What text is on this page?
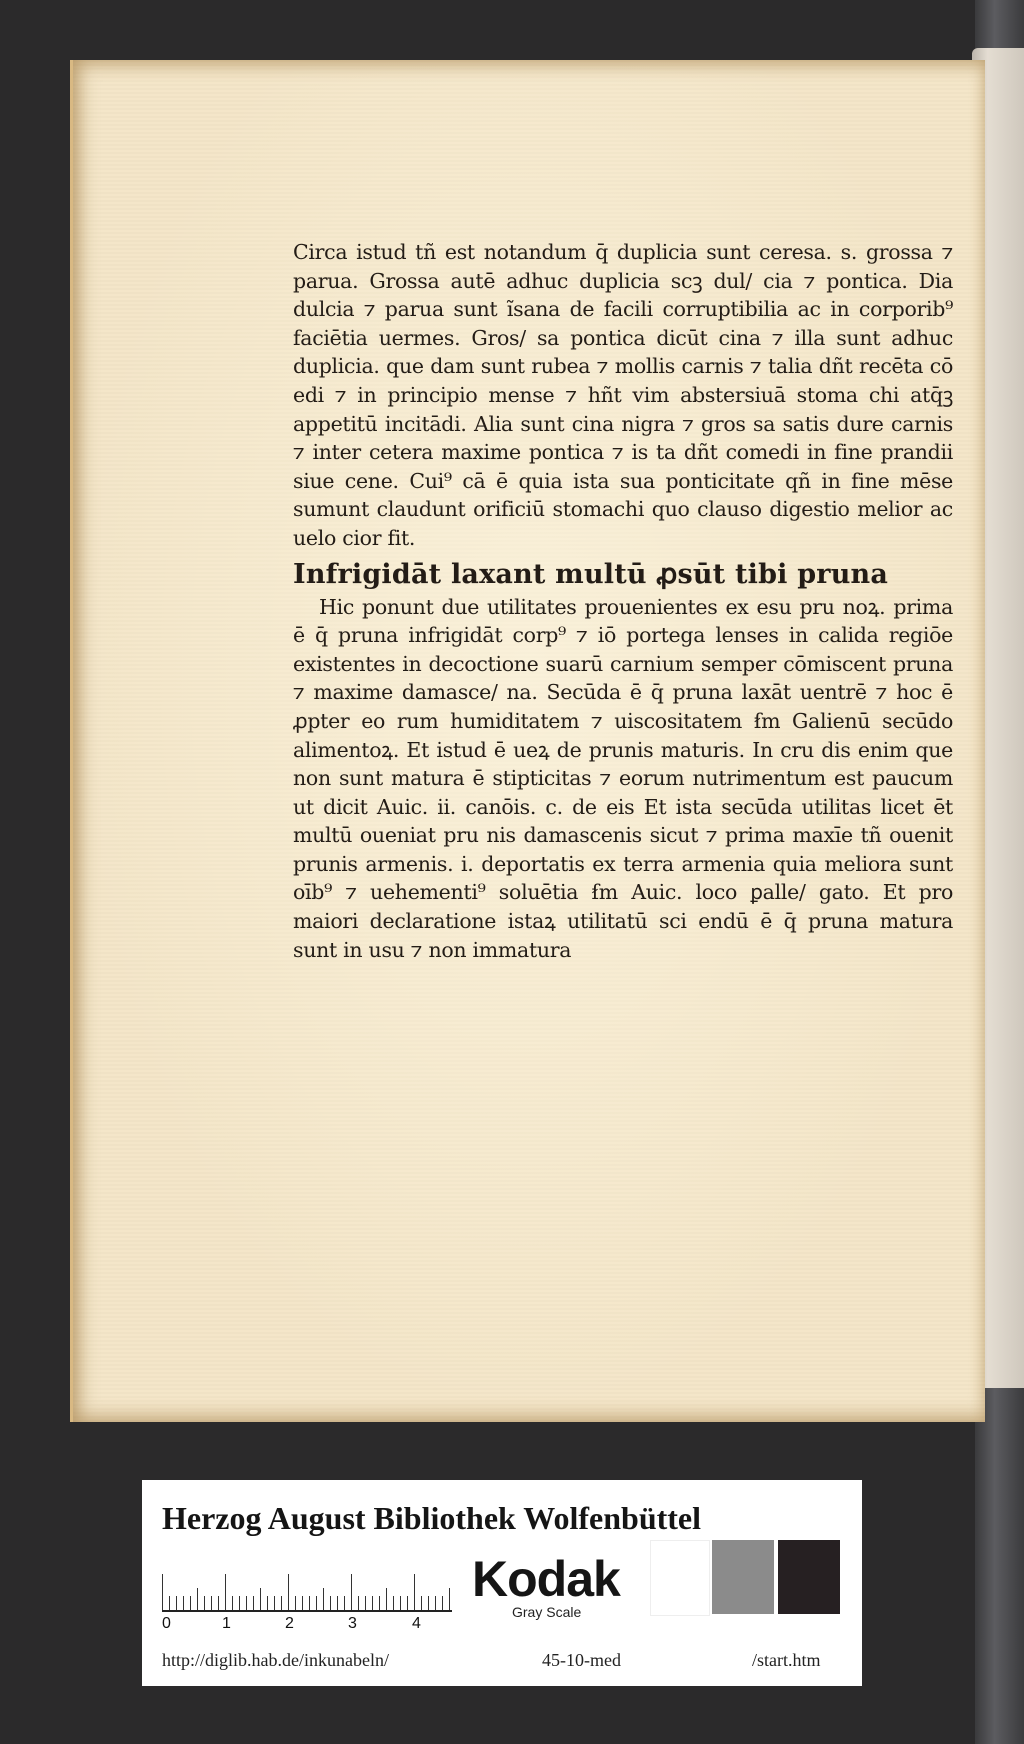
Circa istud tñ est notandum q̄ duplicia sunt ceresa. s. grossa ⁊ parua. Grossa autē adhuc duplicia scꝫ dul/ cia ⁊ pontica. Dia dulcia ⁊ parua sunt ĩsana de facili corruptibilia ac in corporib⁹ faciētia uermes. Gros/ sa pontica dicūt cina ⁊ illa sunt adhuc duplicia. que dam sunt rubea ⁊ mollis carnis ⁊ talia dñt recēta cō edi ⁊ in principio mense ⁊ hñt vim abstersiuā stoma chi atq̄ꝫ appetitū incitādi. Alia sunt cina nigra ⁊ gros sa satis dure carnis ⁊ inter cetera maxime pontica ⁊ is ta dñt comedi in fine prandii siue cene. Cui⁹ cā ē quia ista sua ponticitate qñ in fine mēse sumunt claudunt orificiū stomachi quo clauso digestio melior ac uelo cior fit.

Infrigidāt laxant multū ꝓsūt tibi pruna

Hic ponunt due utilitates prouenientes ex esu pru noꝝ. prima ē q̄ pruna infrigidāt corp⁹ ⁊ iō portega lenses in calida regiōe existentes in decoctione suarū carnium semper cōmiscent pruna ⁊ maxime damasce/ na. Secūda ē q̄ pruna laxāt uentrē ⁊ hoc ē ꝓpter eo rum humiditatem ⁊ uiscositatem ẜm Galienū secūdo alimentoꝝ. Et istud ē ueꝝ de prunis maturis. In cru dis enim que non sunt matura ē stipticitas ⁊ eorum nutrimentum est paucum ut dicit Auic. ii. canōis. c. de eis Et ista secūda utilitas licet ēt multū oueniat pru nis damascenis sicut ⁊ prima maxīe tñ ouenit prunis armenis. i. deportatis ex terra armenia quia meliora sunt oīb⁹ ⁊ uehementi⁹ soluētia ẜm Auic. loco ꝑalle/ gato. Et pro maiori declaratione istaꝝ utilitatū sci endū ē q̄ pruna matura sunt in usu ⁊ non immatura

Herzog August Bibliothek Wolfenbüttel
0	1	2	3	4
Kodak
Gray Scale
http://diglib.hab.de/inkunabeln/	45-10-med	/start.htm
